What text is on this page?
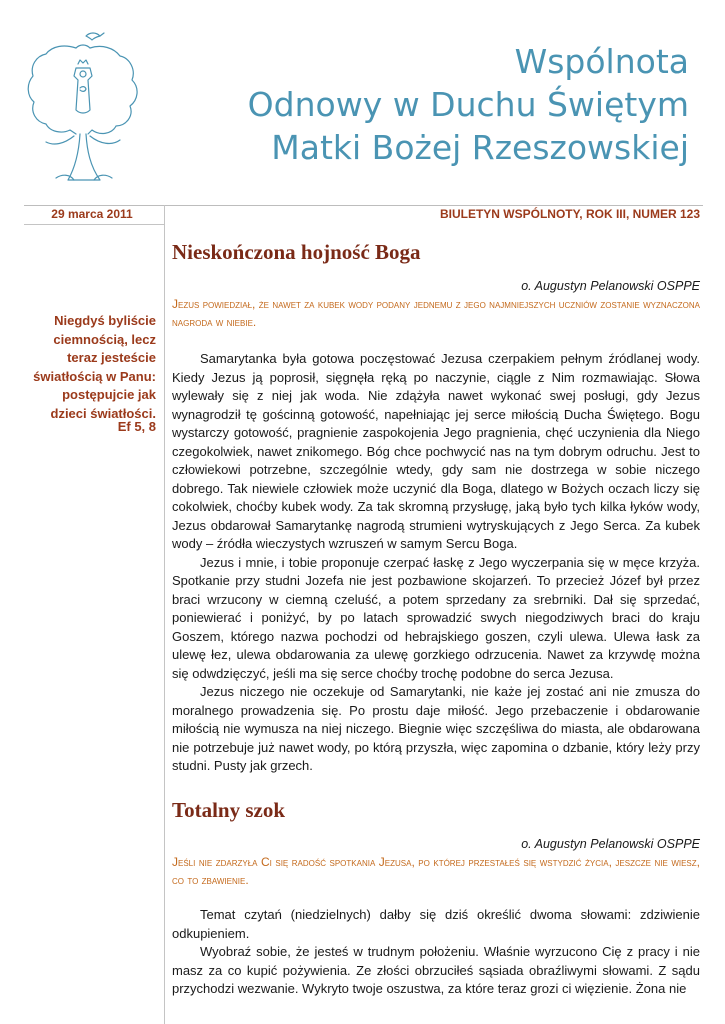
Wspólnota
Odnowy w Duchu Świętym
Matki Bożej Rzeszowskiej
29 marca 2011	BIULETYN WSPÓLNOTY, ROK III, NUMER 123
Niegdyś byliście ciemnością, lecz teraz jesteście światłością w Panu: postępujcie jak dzieci światłości.
Ef 5, 8
Nieskończona hojność Boga
o. Augustyn Pelanowski OSPPE
Jezus powiedział, że nawet za kubek wody podany jednemu z jego najmniejszych uczniów zostanie wyznaczona nagroda w niebie.

Samarytanka była gotowa poczęstować Jezusa czerpakiem pełnym źródlanej wody. Kiedy Jezus ją poprosił, sięgnęła ręką po naczynie, ciągle z Nim rozmawiając. Słowa wylewały się z niej jak woda. Nie zdążyła nawet wykonać swej posługi, gdy Jezus wynagrodził tę gościnną gotowość, napełniając jej serce miłością Ducha Świętego. Bogu wystarczy gotowość, pragnienie zaspokojenia Jego pragnienia, chęć uczynienia dla Niego czegokolwiek, nawet znikomego. Bóg chce pochwycić nas na tym dobrym odruchu. Jest to człowiekowi potrzebne, szczególnie wtedy, gdy sam nie dostrzega w sobie niczego dobrego. Tak niewiele człowiek może uczynić dla Boga, dlatego w Bożych oczach liczy się cokolwiek, choćby kubek wody. Za tak skromną przysługę, jaką było tych kilka łyków wody, Jezus obdarował Samarytankę nagrodą strumieni wytryskujących z Jego Serca. Za kubek wody – źródła wieczystych wzruszeń w samym Sercu Boga.

Jezus i mnie, i tobie proponuje czerpać łaskę z Jego wyczerpania się w męce krzyża. Spotkanie przy studni Jozefa nie jest pozbawione skojarzeń. To przecież Józef był przez braci wrzucony w ciemną czeluść, a potem sprzedany za srebrniki. Dał się sprzedać, poniewierać i poniżyć, by po latach sprowadzić swych niegodziwych braci do kraju Goszem, którego nazwa pochodzi od hebrajskiego goszen, czyli ulewa. Ulewa łask za ulewę łez, ulewa obdarowania za ulewę gorzkiego odrzucenia. Nawet za krzywdę można się odwdzięczyć, jeśli ma się serce choćby trochę podobne do serca Jezusa.

Jezus niczego nie oczekuje od Samarytanki, nie każe jej zostać ani nie zmusza do moralnego prowadzenia się. Po prostu daje miłość. Jego przebaczenie i obdarowanie miłością nie wymusza na niej niczego. Biegnie więc szczęśliwa do miasta, ale obdarowana nie potrzebuje już nawet wody, po którą przyszła, więc zapomina o dzbanie, który leży przy studni. Pusty jak grzech.

Totalny szok
o. Augustyn Pelanowski OSPPE
Jeśli nie zdarzyła Ci się radość spotkania Jezusa, po której przestałeś się wstydzić życia, jeszcze nie wiesz, co to zbawienie.

Temat czytań (niedzielnych) dałby się dziś określić dwoma słowami: zdziwienie odkupieniem.

Wyobraź sobie, że jesteś w trudnym położeniu. Właśnie wyrzucono Cię z pracy i nie masz za co kupić pożywienia. Ze złości obrzuciłeś sąsiada obraźliwymi słowami. Z sądu przychodzi wezwanie. Wykryto twoje oszustwa, za które teraz grozi ci więzienie. Żona nie
